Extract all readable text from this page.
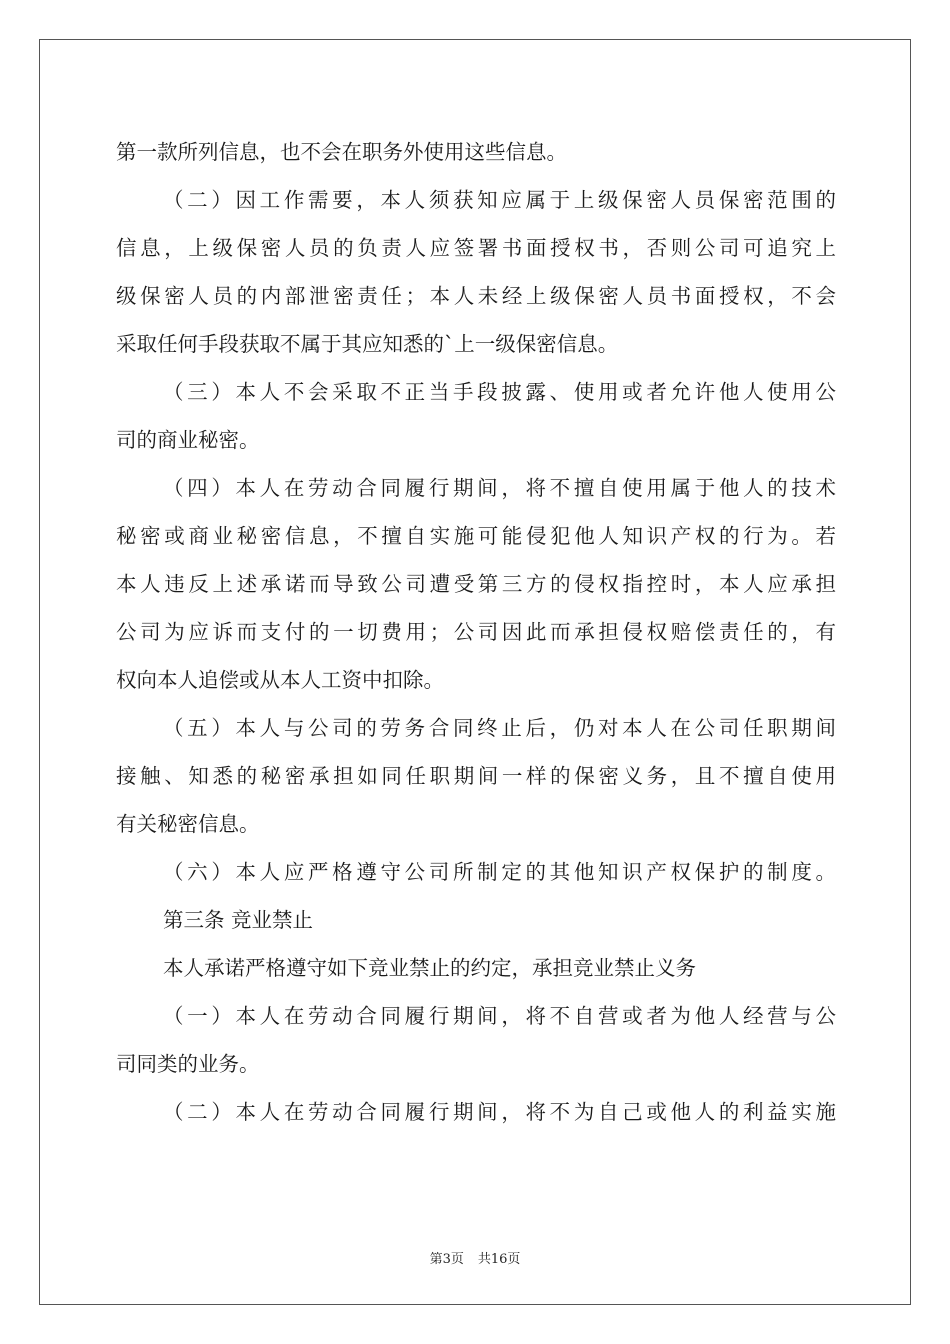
第一款所列信息，也不会在职务外使用这些信息。
（二）因工作需要，本人须获知应属于上级保密人员保密范围的
信息，上级保密人员的负责人应签署书面授权书，否则公司可追究上
级保密人员的内部泄密责任；本人未经上级保密人员书面授权，不会
采取任何手段获取不属于其应知悉的`上一级保密信息。
（三）本人不会采取不正当手段披露、使用或者允许他人使用公
司的商业秘密。
（四）本人在劳动合同履行期间，将不擅自使用属于他人的技术
秘密或商业秘密信息，不擅自实施可能侵犯他人知识产权的行为。若
本人违反上述承诺而导致公司遭受第三方的侵权指控时，本人应承担
公司为应诉而支付的一切费用；公司因此而承担侵权赔偿责任的，有
权向本人追偿或从本人工资中扣除。
（五）本人与公司的劳务合同终止后，仍对本人在公司任职期间
接触、知悉的秘密承担如同任职期间一样的保密义务，且不擅自使用
有关秘密信息。
（六）本人应严格遵守公司所制定的其他知识产权保护的制度。
第三条 竞业禁止
本人承诺严格遵守如下竞业禁止的约定，承担竞业禁止义务
（一）本人在劳动合同履行期间，将不自营或者为他人经营与公
司同类的业务。
（二）本人在劳动合同履行期间，将不为自己或他人的利益实施
第3页 共16页
